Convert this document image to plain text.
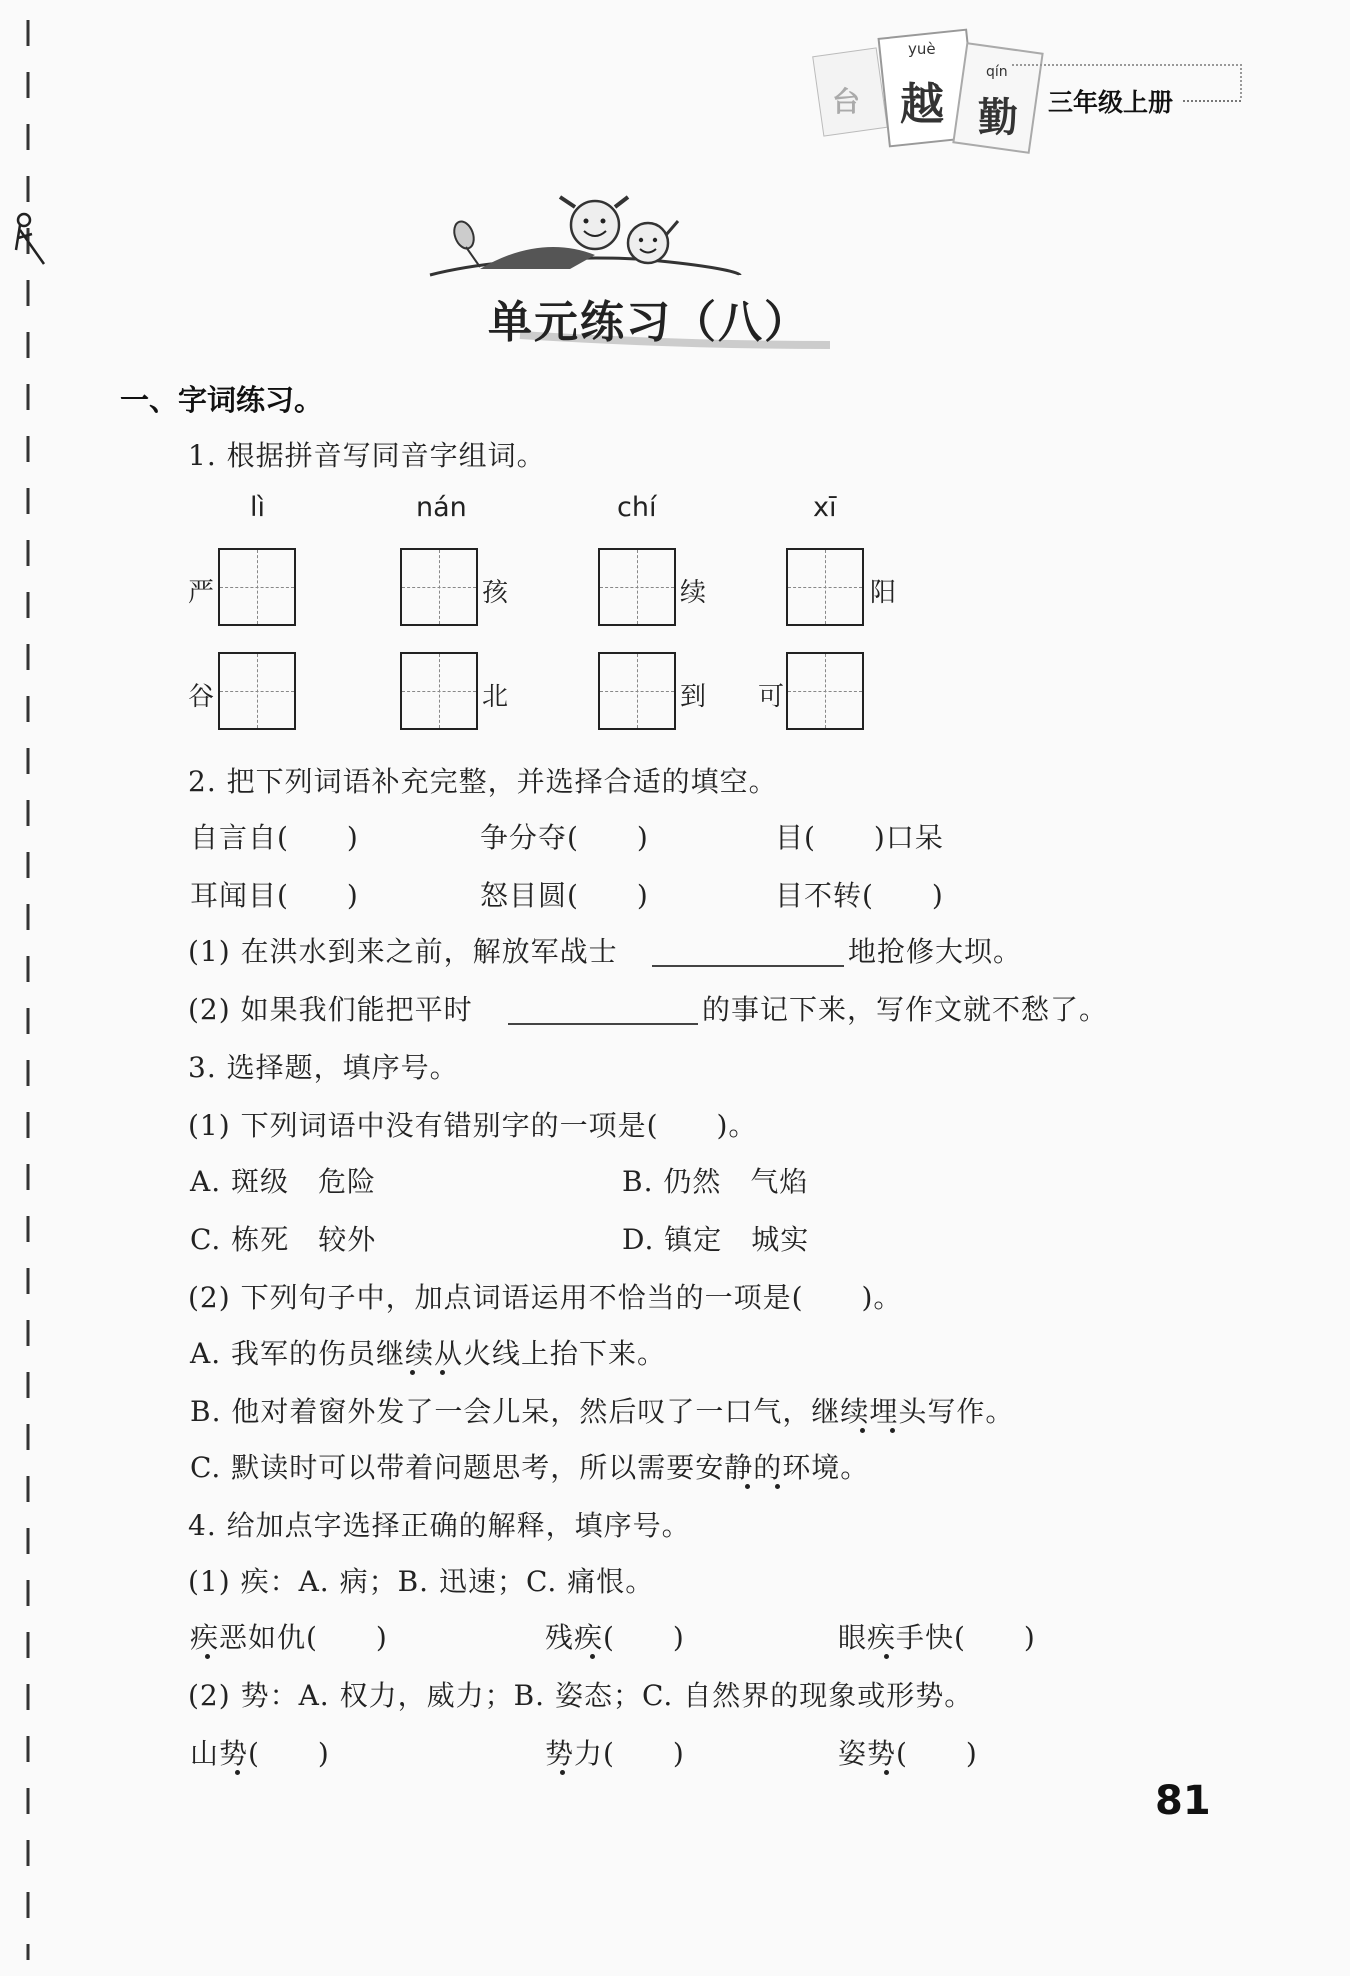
台
yuè
越
qín
勤 三年级上册
单元练习（八）
一、字词练习。
1. 根据拼音写同音字组词。
lì	nán	chí	xī
严	孩	续	阳
谷	北	到 可
2. 把下列词语补充完整，并选择合适的填空。
自言自(　　)	争分夺(　　)	目(　　)口呆
耳闻目(　　)	怒目圆(　　)	目不转(　　)
(1) 在洪水到来之前，解放军战士	地抢修大坝。
(2) 如果我们能把平时	的事记下来，写作文就不愁了。
3. 选择题，填序号。
(1) 下列词语中没有错别字的一项是(　　)。
A. 斑级　危险	B. 仍然　气焰
C. 栋死　较外	D. 镇定　城实
(2) 下列句子中，加点词语运用不恰当的一项是(　　)。
A. 我军的伤员继续从火线上抬下来。
B. 他对着窗外发了一会儿呆，然后叹了一口气，继续埋头写作。
C. 默读时可以带着问题思考，所以需要安静的环境。
4. 给加点字选择正确的解释，填序号。
(1) 疾：A. 病；B. 迅速；C. 痛恨。
疾恶如仇(　　)	残疾(　　)	眼疾手快(　　)
(2) 势：A. 权力，威力；B. 姿态；C. 自然界的现象或形势。
山势(　　)	势力(　　)	姿势(　　)
81
